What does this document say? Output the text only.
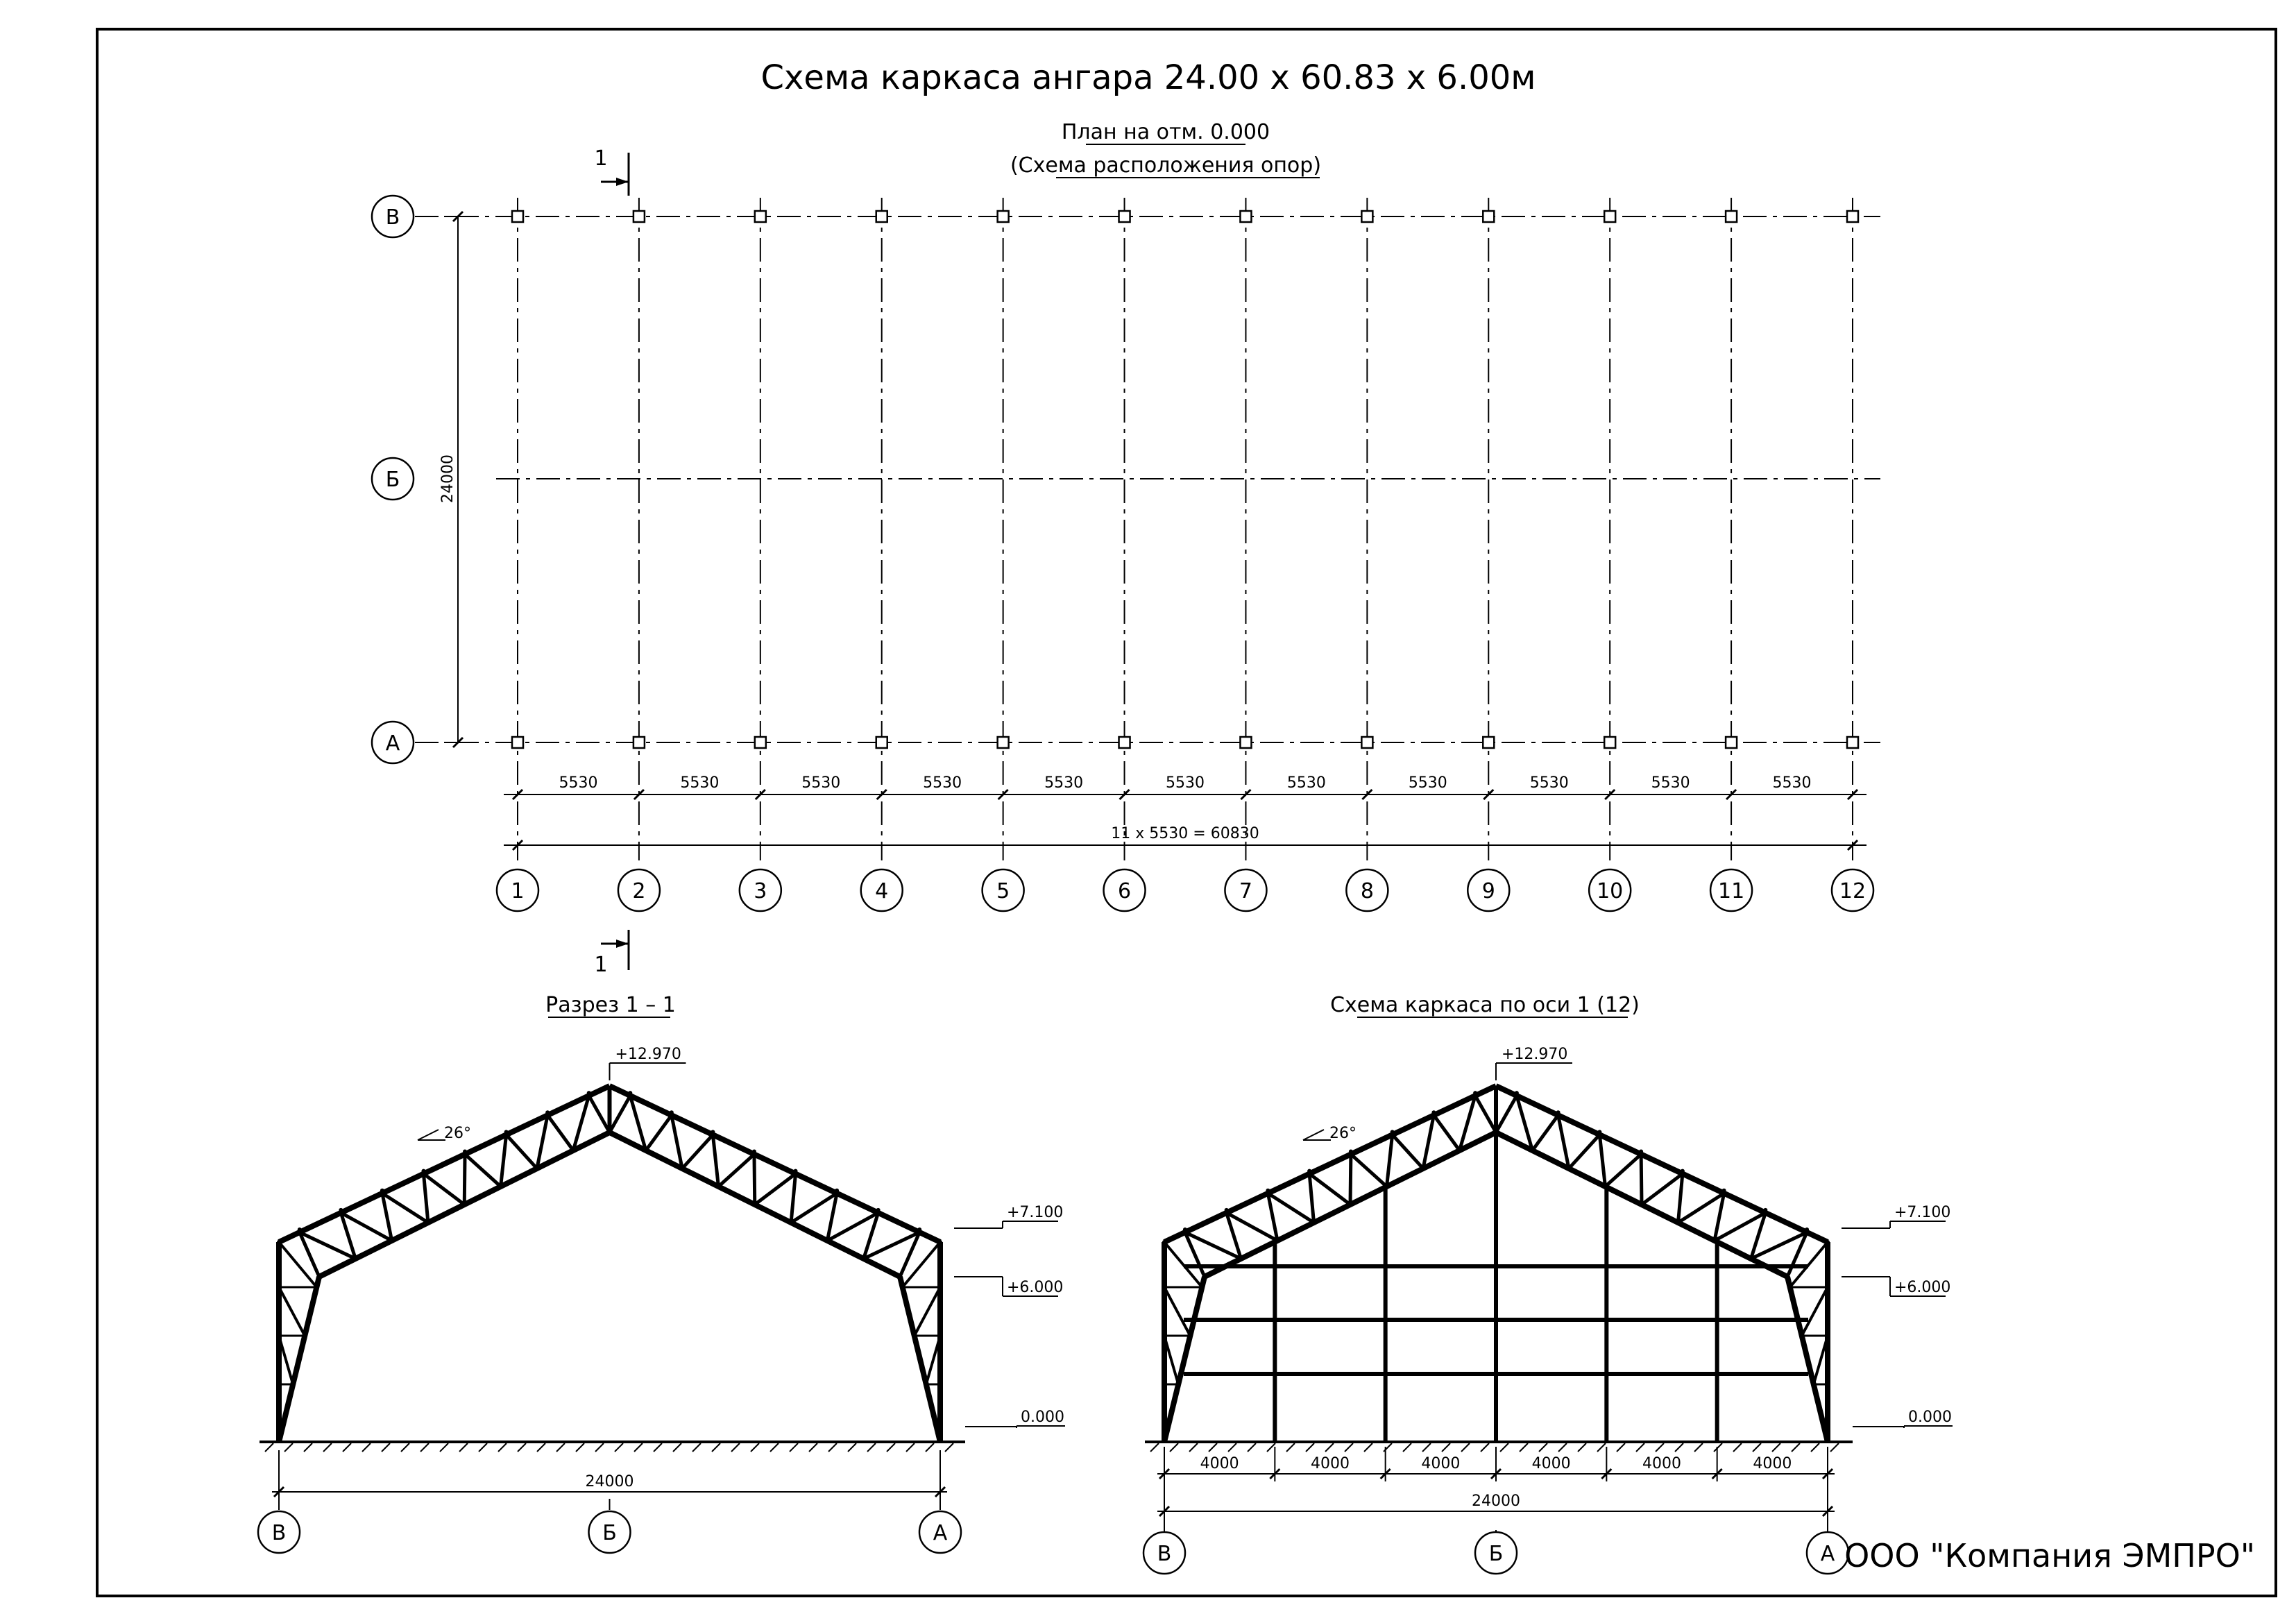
Схема каркаса ангара 24.00 х 60.83 х 6.00м
План на отм. 0.000
(Схема расположения опор)
В
Б
А
24000
1	2	3	4	5	6	7	8	9	10	11	12
5530	5530	5530	5530	5530	5530	5530	5530	5530	5530	5530
11 х 5530 = 60830
1
1
Разрез 1 – 1
+12.970
+7.100
+6.000
0.000
26°
24000
В	Б	А
Схема каркаса по оси 1 (12)
+12.970
+7.100
+6.000
0.000
26°
4000	4000	4000	4000	4000	4000
24000
В	Б	А ООО "Компания ЭМПРО"
